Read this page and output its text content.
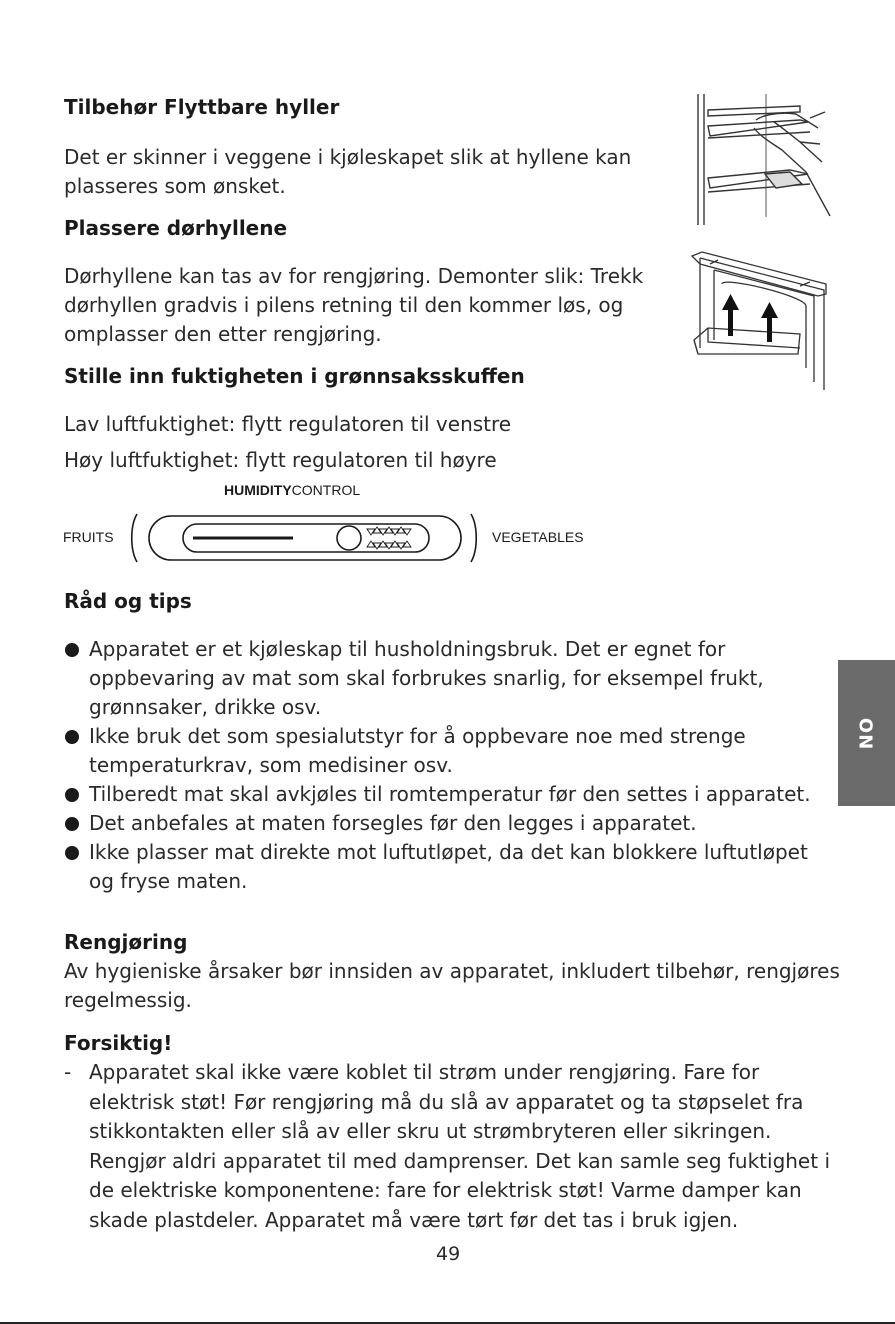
Tilbehør Flyttbare hyller
Det er skinner i veggene i kjøleskapet slik at hyllene kan
plasseres som ønsket.
Plassere dørhyllene
Dørhyllene kan tas av for rengjøring. Demonter slik: Trekk
dørhyllen gradvis i pilens retning til den kommer løs, og
omplasser den etter rengjøring.
Stille inn fuktigheten i grønnsaksskuffen
Lav luftfuktighet: flytt regulatoren til venstre
Høy luftfuktighet: flytt regulatoren til høyre
HUMIDITYCONTROL
FRUITS	VEGETABLES
Råd og tips
Apparatet er et kjøleskap til husholdningsbruk. Det er egnet for
oppbevaring av mat som skal forbrukes snarlig, for eksempel frukt,
grønnsaker, drikke osv.
Ikke bruk det som spesialutstyr for å oppbevare noe med strenge
temperaturkrav, som medisiner osv.
Tilberedt mat skal avkjøles til romtemperatur før den settes i apparatet.
Det anbefales at maten forsegles før den legges i apparatet.
Ikke plasser mat direkte mot luftutløpet, da det kan blokkere luftutløpet
og fryse maten.
Rengjøring
Av hygieniske årsaker bør innsiden av apparatet, inkludert tilbehør, rengjøres
regelmessig.
Forsiktig!
- Apparatet skal ikke være koblet til strøm under rengjøring. Fare for
elektrisk støt! Før rengjøring må du slå av apparatet og ta støpselet fra
stikkontakten eller slå av eller skru ut strømbryteren eller sikringen.
Rengjør aldri apparatet til med damprenser. Det kan samle seg fuktighet i
de elektriske komponentene: fare for elektrisk støt! Varme damper kan
skade plastdeler. Apparatet må være tørt før det tas i bruk igjen.
49
NO
